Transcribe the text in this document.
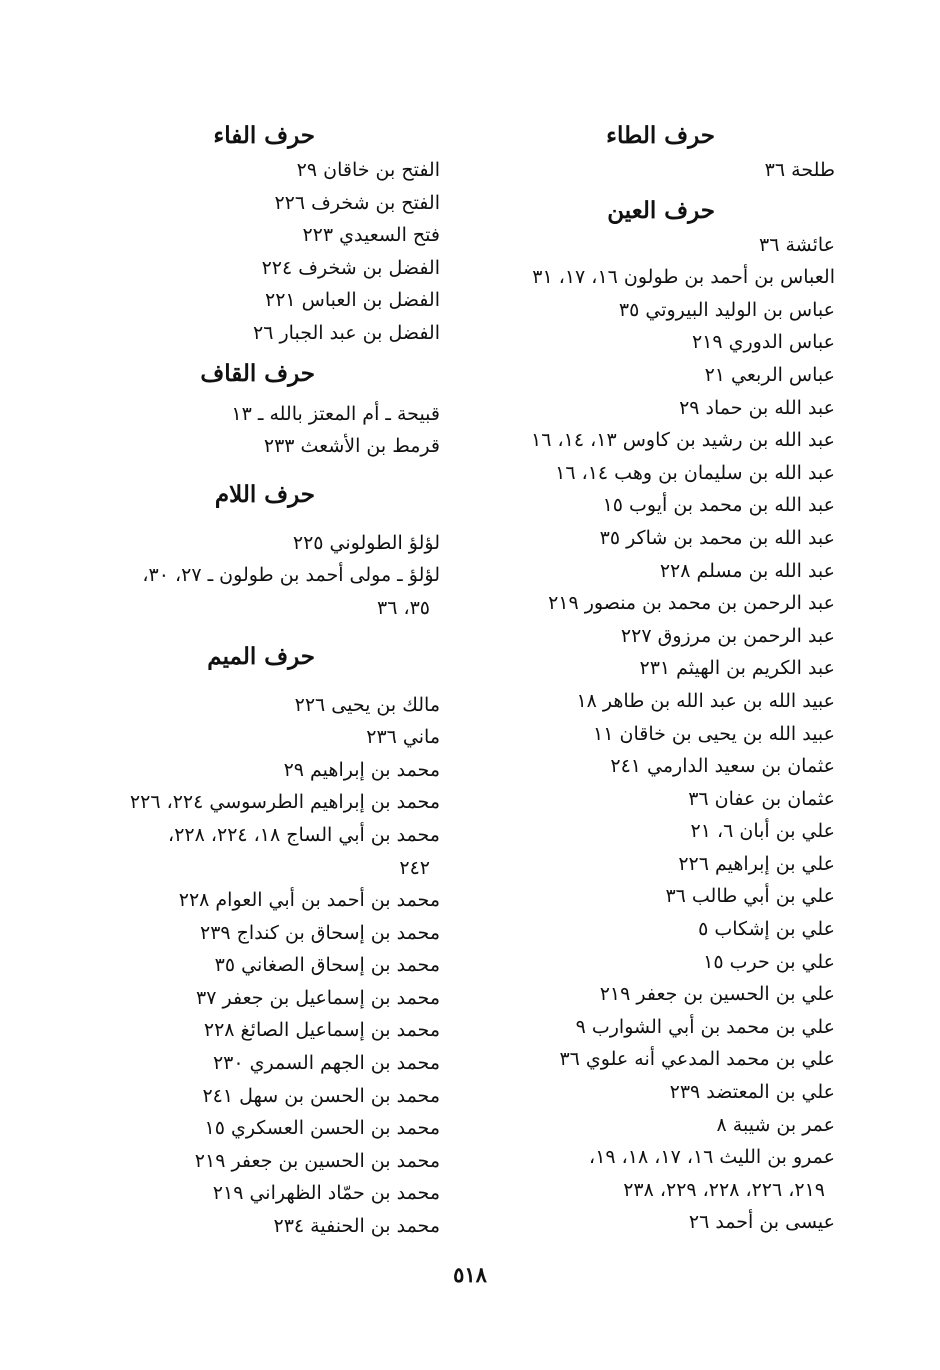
حرف الطاء

طلحة ٣٦

حرف العين

عائشة ٣٦

العباس بن أحمد بن طولون ١٦، ١٧، ٣١

عباس بن الوليد البيروتي ٣٥

عباس الدوري ٢١٩

عباس الربعي ٢١

عبد الله بن حماد ٢٩

عبد الله بن رشيد بن كاوس ١٣، ١٤، ١٦

عبد الله بن سليمان بن وهب ١٤، ١٦

عبد الله بن محمد بن أيوب ١٥

عبد الله بن محمد بن شاكر ٣٥

عبد الله بن مسلم ٢٢٨

عبد الرحمن بن محمد بن منصور ٢١٩

عبد الرحمن بن مرزوق ٢٢٧

عبد الكريم بن الهيثم ٢٣١

عبيد الله بن عبد الله بن طاهر ١٨

عبيد الله بن يحيى بن خاقان ١١

عثمان بن سعيد الدارمي ٢٤١

عثمان بن عفان ٣٦

علي بن أبان ٦، ٢١

علي بن إبراهيم ٢٢٦

علي بن أبي طالب ٣٦

علي بن إشكاب ٥

علي بن حرب ١٥

علي بن الحسين بن جعفر ٢١٩

علي بن محمد بن أبي الشوارب ٩

علي بن محمد المدعي أنه علوي ٣٦

علي بن المعتضد ٢٣٩

عمر بن شيبة ٨

عمرو بن الليث ١٦، ١٧، ١٨، ١٩،

٢١٩، ٢٢٦، ٢٢٨، ٢٢٩، ٢٣٨

عيسى بن أحمد ٢٦

حرف الفاء

الفتح بن خاقان ٢٩

الفتح بن شخرف ٢٢٦

فتح السعيدي ٢٢٣

الفضل بن شخرف ٢٢٤

الفضل بن العباس ٢٢١

الفضل بن عبد الجبار ٢٦

حرف القاف

قبيحة ـ أم المعتز بالله ـ ١٣

قرمط بن الأشعث ٢٣٣

حرف اللام

لؤلؤ الطولوني ٢٢٥

لؤلؤ ـ مولى أحمد بن طولون ـ ٢٧، ٣٠،

٣٥، ٣٦

حرف الميم

مالك بن يحيى ٢٢٦

ماني ٢٣٦

محمد بن إبراهيم ٢٩

محمد بن إبراهيم الطرسوسي ٢٢٤، ٢٢٦

محمد بن أبي الساج ١٨، ٢٢٤، ٢٢٨،

٢٤٢

محمد بن أحمد بن أبي العوام ٢٢٨

محمد بن إسحاق بن كنداج ٢٣٩

محمد بن إسحاق الصغاني ٣٥

محمد بن إسماعيل بن جعفر ٣٧

محمد بن إسماعيل الصائغ ٢٢٨

محمد بن الجهم السمري ٢٣٠

محمد بن الحسن بن سهل ٢٤١

محمد بن الحسن العسكري ١٥

محمد بن الحسين بن جعفر ٢١٩

محمد بن حمّاد الظهراني ٢١٩

محمد بن الحنفية ٢٣٤

٥١٨
